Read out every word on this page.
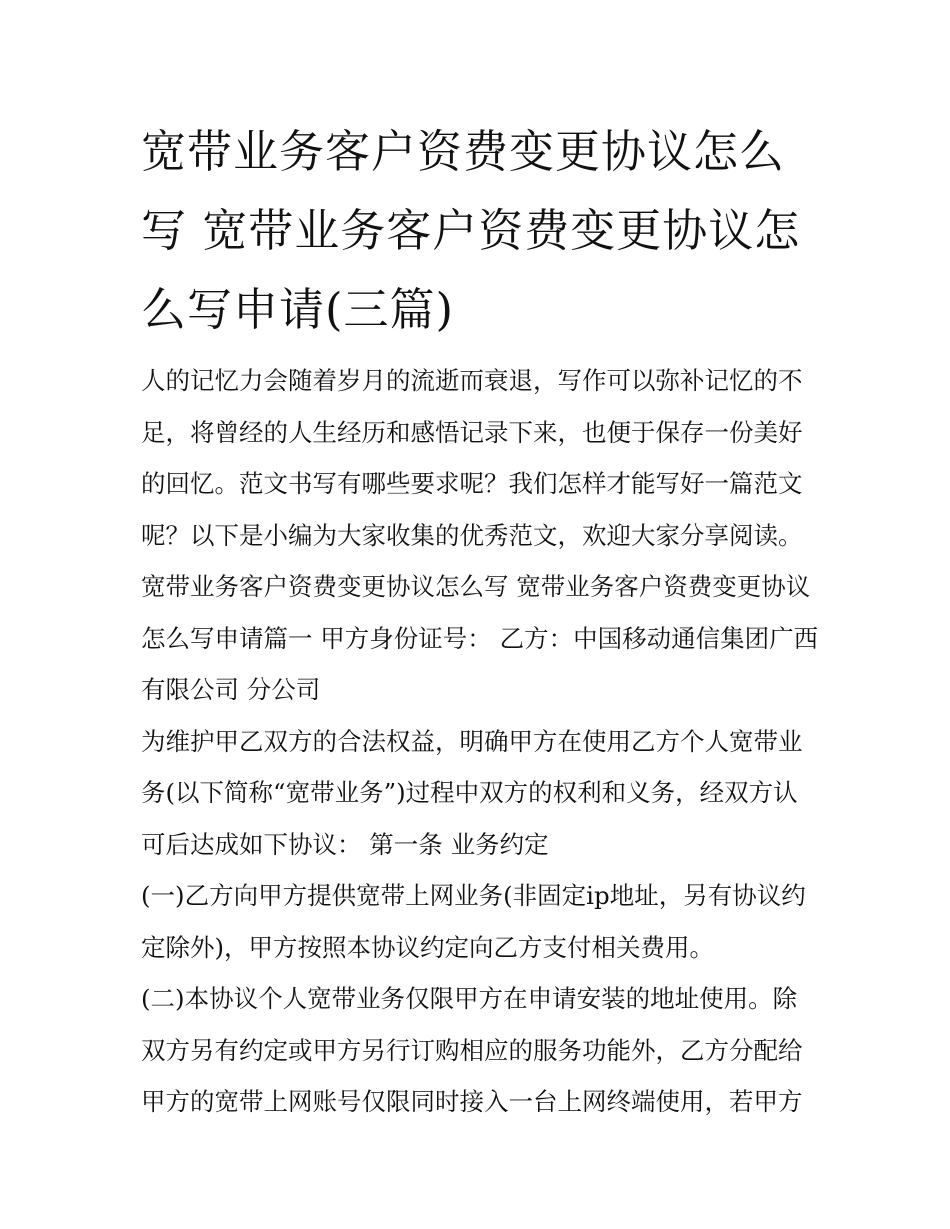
宽带业务客户资费变更协议怎么写 宽带业务客户资费变更协议怎么写申请(三篇)

人的记忆力会随着岁月的流逝而衰退，写作可以弥补记忆的不足，将曾经的人生经历和感悟记录下来，也便于保存一份美好的回忆。范文书写有哪些要求呢？我们怎样才能写好一篇范文呢？以下是小编为大家收集的优秀范文，欢迎大家分享阅读。

宽带业务客户资费变更协议怎么写 宽带业务客户资费变更协议怎么写申请篇一 甲方身份证号： 乙方：中国移动通信集团广西有限公司 分公司

为维护甲乙双方的合法权益，明确甲方在使用乙方个人宽带业务(以下简称“宽带业务”)过程中双方的权利和义务，经双方认可后达成如下协议： 第一条 业务约定

(一)乙方向甲方提供宽带上网业务(非固定ip地址，另有协议约定除外)，甲方按照本协议约定向乙方支付相关费用。

(二)本协议个人宽带业务仅限甲方在申请安装的地址使用。除双方另有约定或甲方另行订购相应的服务功能外，乙方分配给甲方的宽带上网账号仅限同时接入一台上网终端使用，若甲方
